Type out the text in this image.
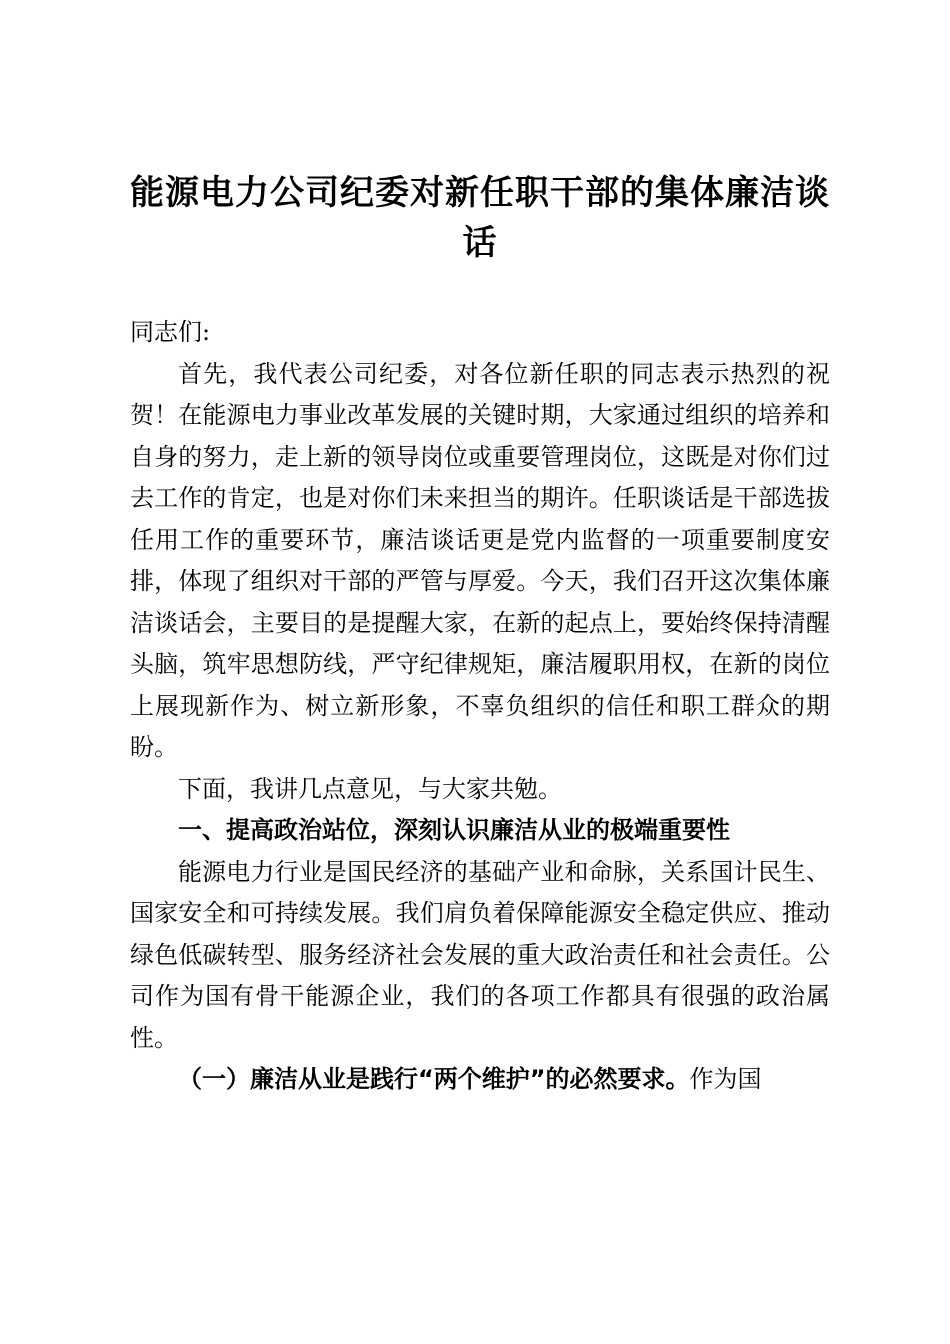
能源电力公司纪委对新任职干部的集体廉洁谈话

同志们:

首先，我代表公司纪委，对各位新任职的同志表示热烈的祝贺！在能源电力事业改革发展的关键时期，大家通过组织的培养和自身的努力，走上新的领导岗位或重要管理岗位，这既是对你们过去工作的肯定，也是对你们未来担当的期许。任职谈话是干部选拔任用工作的重要环节，廉洁谈话更是党内监督的一项重要制度安排，体现了组织对干部的严管与厚爱。今天，我们召开这次集体廉洁谈话会，主要目的是提醒大家，在新的起点上，要始终保持清醒头脑，筑牢思想防线，严守纪律规矩，廉洁履职用权，在新的岗位上展现新作为、树立新形象，不辜负组织的信任和职工群众的期盼。

下面，我讲几点意见，与大家共勉。

一、提高政治站位，深刻认识廉洁从业的极端重要性

能源电力行业是国民经济的基础产业和命脉，关系国计民生、国家安全和可持续发展。我们肩负着保障能源安全稳定供应、推动绿色低碳转型、服务经济社会发展的重大政治责任和社会责任。公司作为国有骨干能源企业，我们的各项工作都具有很强的政治属性。

（一）廉洁从业是践行“两个维护”的必然要求。作为国
